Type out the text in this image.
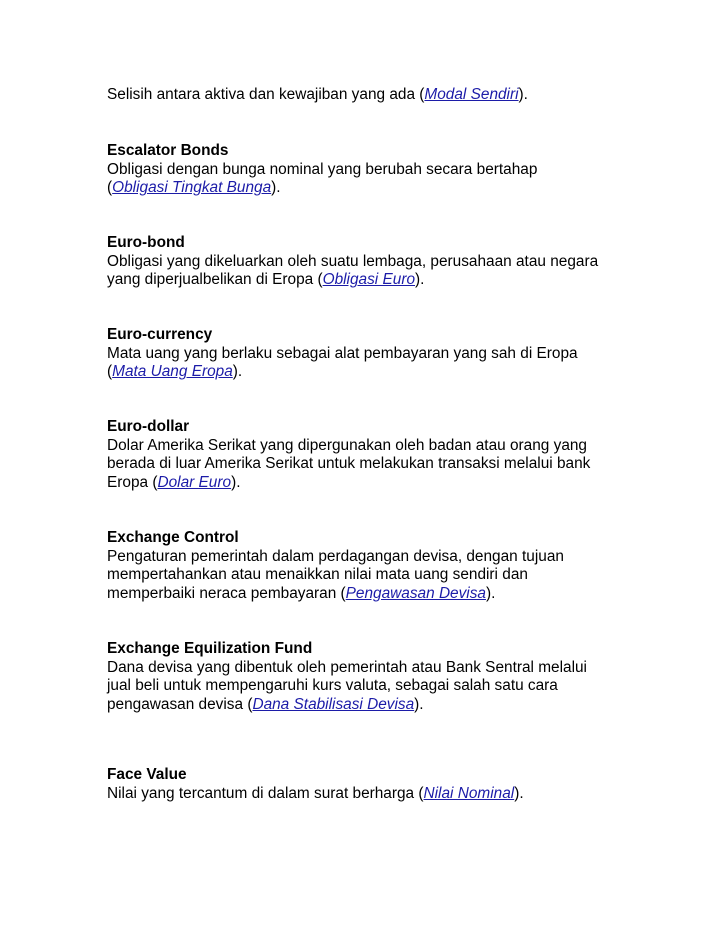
Selisih antara aktiva dan kewajiban yang ada (Modal Sendiri).
Escalator Bonds
Obligasi dengan bunga nominal yang berubah secara bertahap
(Obligasi Tingkat Bunga).
Euro-bond
Obligasi yang dikeluarkan oleh suatu lembaga, perusahaan atau negara
yang diperjualbelikan di Eropa (Obligasi Euro).
Euro-currency
Mata uang yang berlaku sebagai alat pembayaran yang sah di Eropa
(Mata Uang Eropa).
Euro-dollar
Dolar Amerika Serikat yang dipergunakan oleh badan atau orang yang
berada di luar Amerika Serikat untuk melakukan transaksi melalui bank
Eropa (Dolar Euro).
Exchange Control
Pengaturan pemerintah dalam perdagangan devisa, dengan tujuan
mempertahankan atau menaikkan nilai mata uang sendiri dan
memperbaiki neraca pembayaran (Pengawasan Devisa).
Exchange Equilization Fund
Dana devisa yang dibentuk oleh pemerintah atau Bank Sentral melalui
jual beli untuk mempengaruhi kurs valuta, sebagai salah satu cara
pengawasan devisa (Dana Stabilisasi Devisa).
Face Value
Nilai yang tercantum di dalam surat berharga (Nilai Nominal).
